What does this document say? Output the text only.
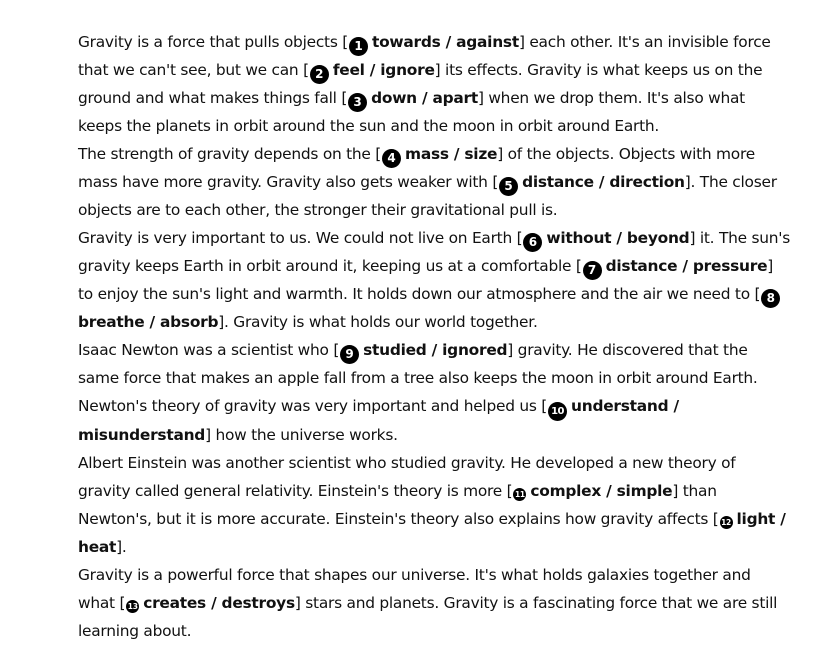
Gravity is a force that pulls objects [ 1 towards / against] each other. It's an invisible force that we can't see, but we can [ 2 feel / ignore] its effects. Gravity is what keeps us on the ground and what makes things fall [ 3 down / apart] when we drop them. It's also what keeps the planets in orbit around the sun and the moon in orbit around Earth.

The strength of gravity depends on the [ 4 mass / size] of the objects. Objects with more mass have more gravity. Gravity also gets weaker with [ 5 distance / direction]. The closer objects are to each other, the stronger their gravitational pull is.

Gravity is very important to us. We could not live on Earth [ 6 without / beyond] it. The sun's gravity keeps Earth in orbit around it, keeping us at a comfortable [ 7 distance / pressure] to enjoy the sun's light and warmth. It holds down our atmosphere and the air we need to [ 8breathe / absorb]. Gravity is what holds our world together.

Isaac Newton was a scientist who [ 9 studied / ignored] gravity. He discovered that the same force that makes an apple fall from a tree also keeps the moon in orbit around Earth. Newton's theory of gravity was very important and helped us [ 10 understand / misunderstand] how the universe works.

Albert Einstein was another scientist who studied gravity. He developed a new theory of gravity called general relativity. Einstein's theory is more [ 11 complex / simple] than Newton's, but it is more accurate. Einstein's theory also explains how gravity affects [ 12 light / heat].

Gravity is a powerful force that shapes our universe. It's what holds galaxies together and what [ 13 creates / destroys] stars and planets. Gravity is a fascinating force that we are still learning about.
